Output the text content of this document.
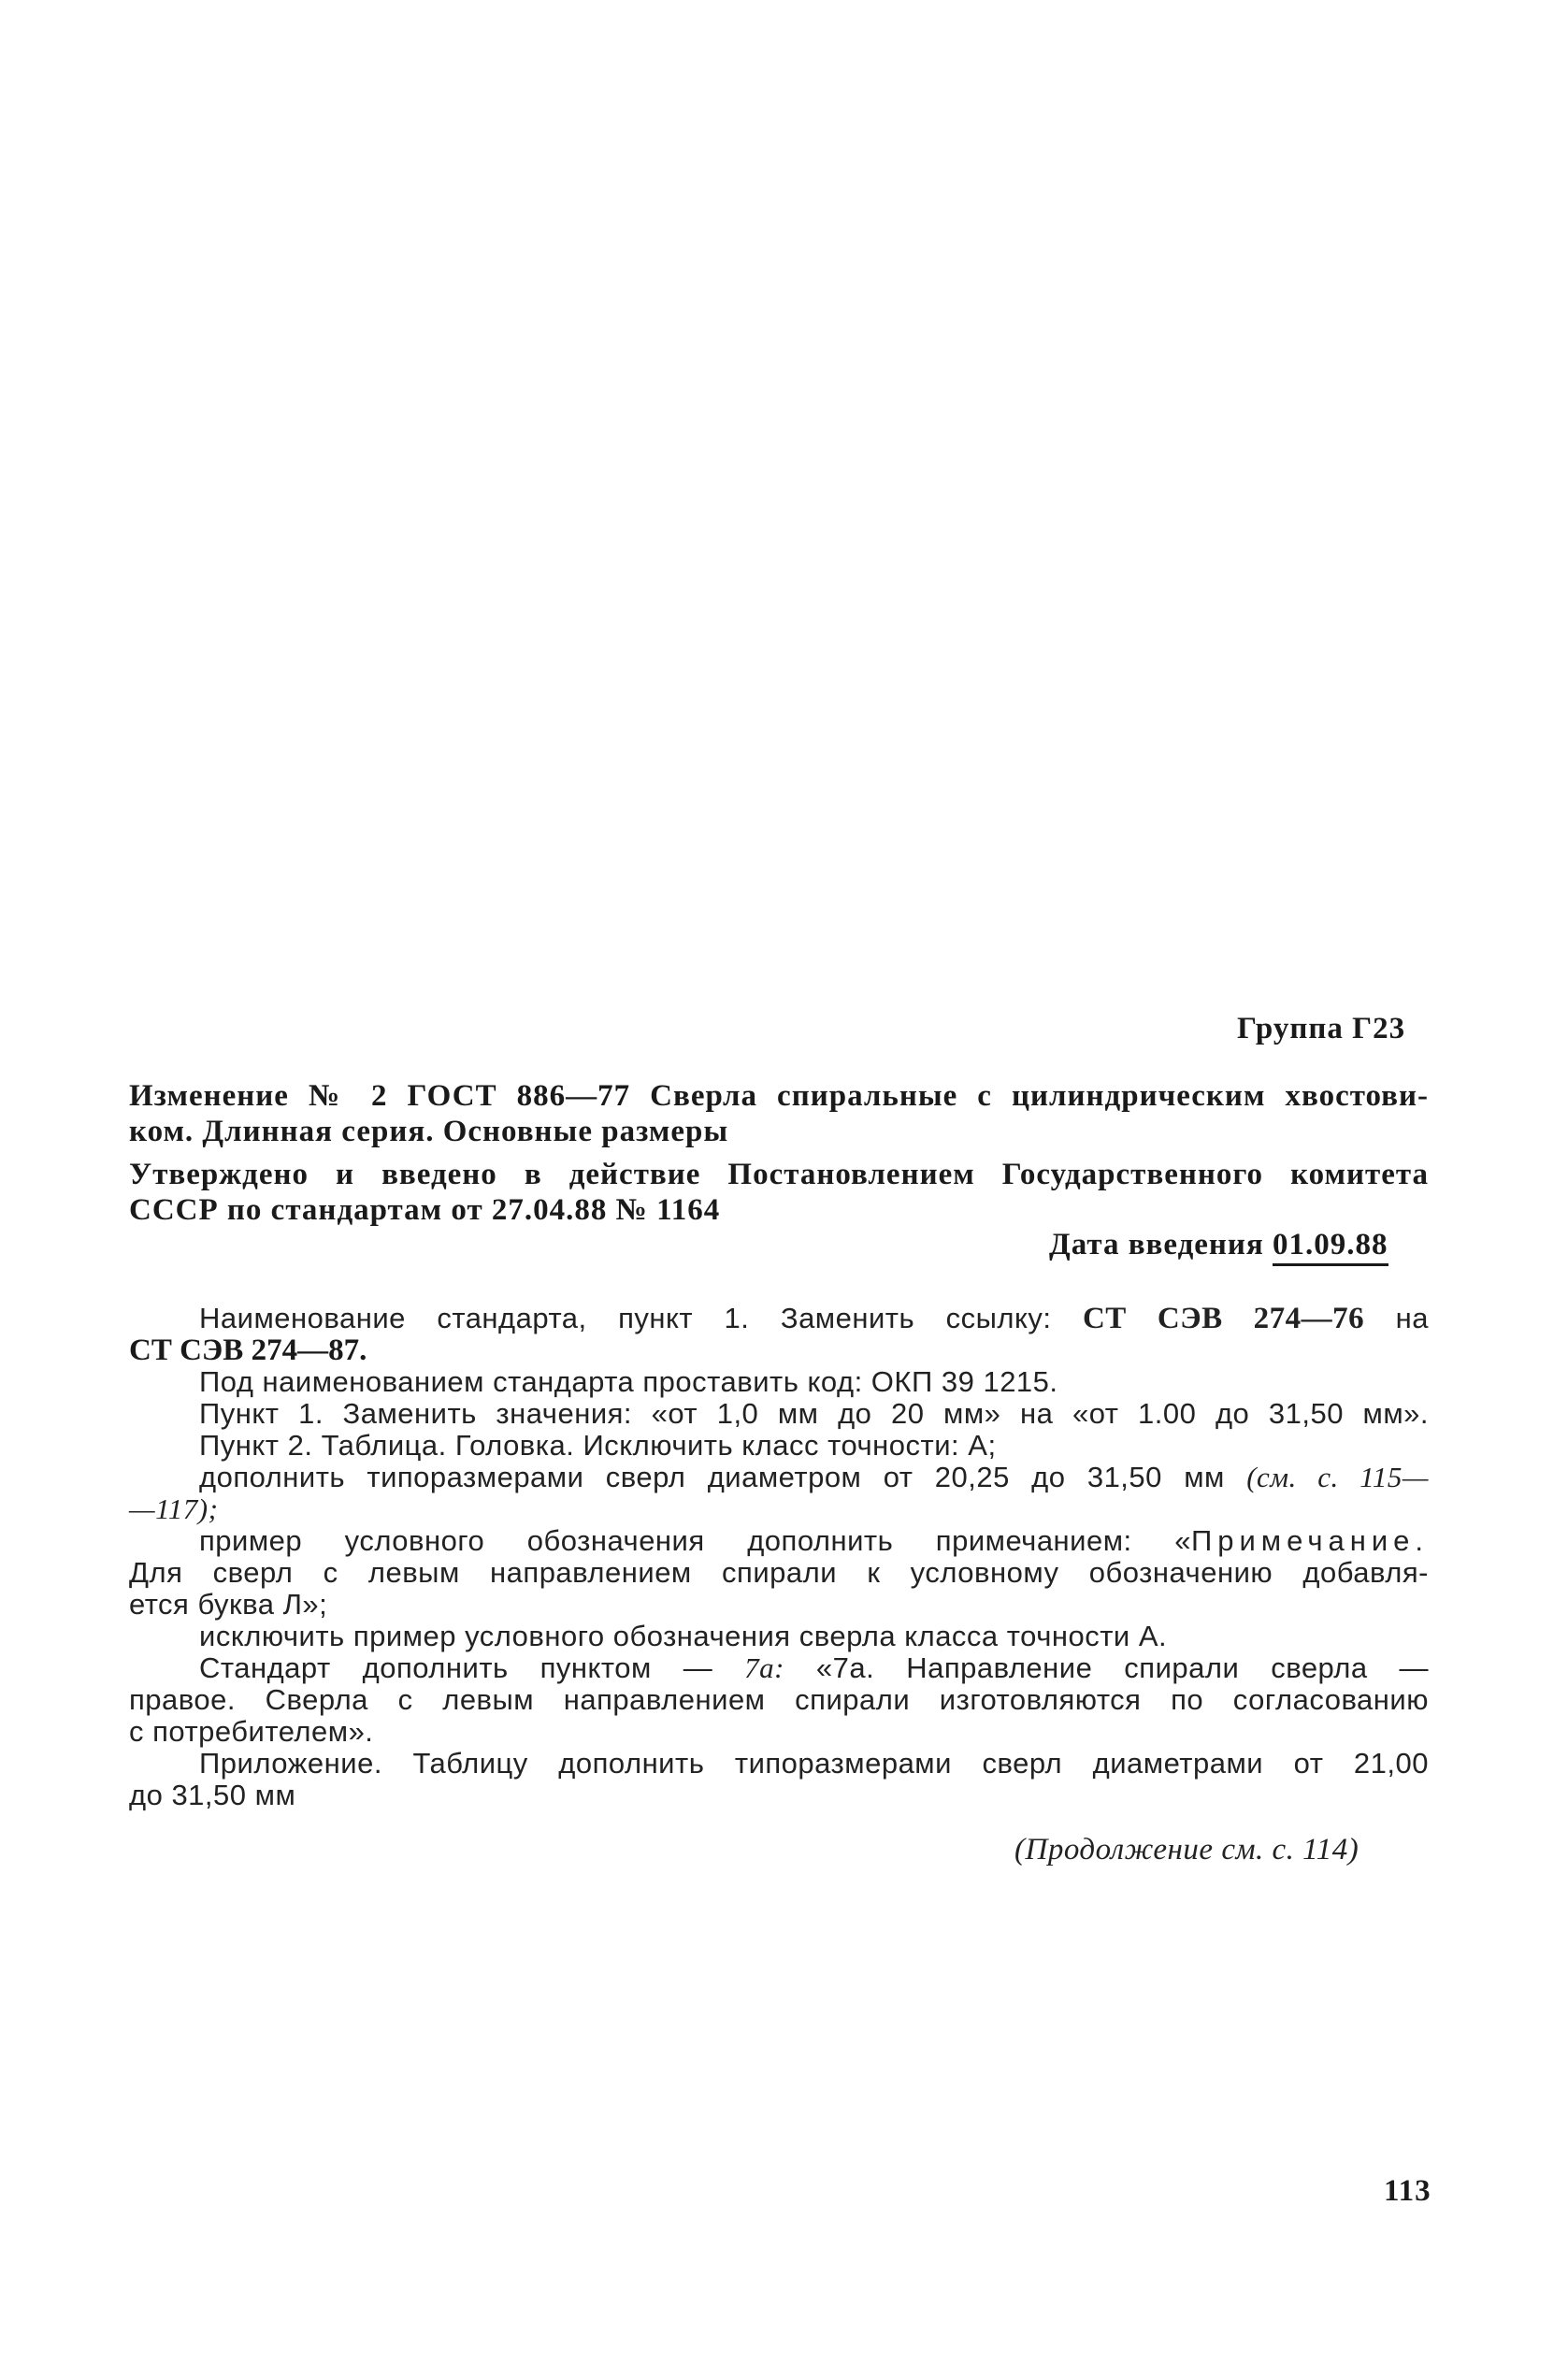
Группа Г23
Изменение № 2 ГОСТ 886—77 Сверла спиральные с цилиндрическим хвостови-
ком. Длинная серия. Основные размеры
Утверждено и введено в действие Постановлением Государственного комитета
СССР по стандартам от 27.04.88 № 1164
Дата введения 01.09.88
Наименование стандарта, пункт 1. Заменить ссылку: СТ СЭВ 274—76 на
СТ СЭВ 274—87.
Под наименованием стандарта проставить код: ОКП 39 1215.
Пункт 1. Заменить значения: «от 1,0 мм до 20 мм» на «от 1.00 до 31,50 мм».
Пункт 2. Таблица. Головка. Исключить класс точности: А;
дополнить типоразмерами сверл диаметром от 20,25 до 31,50 мм (см. с. 115—
—117);
пример условного обозначения дополнить примечанием: «Примечание.
Для сверл с левым направлением спирали к условному обозначению добавля-
ется буква Л»;
исключить пример условного обозначения сверла класса точности А.
Стандарт дополнить пунктом — 7а: «7а. Направление спирали сверла —
правое. Сверла с левым направлением спирали изготовляются по согласованию
с потребителем».
Приложение. Таблицу дополнить типоразмерами сверл диаметрами от 21,00
до 31,50 мм
(Продолжение см. с. 114)
113
